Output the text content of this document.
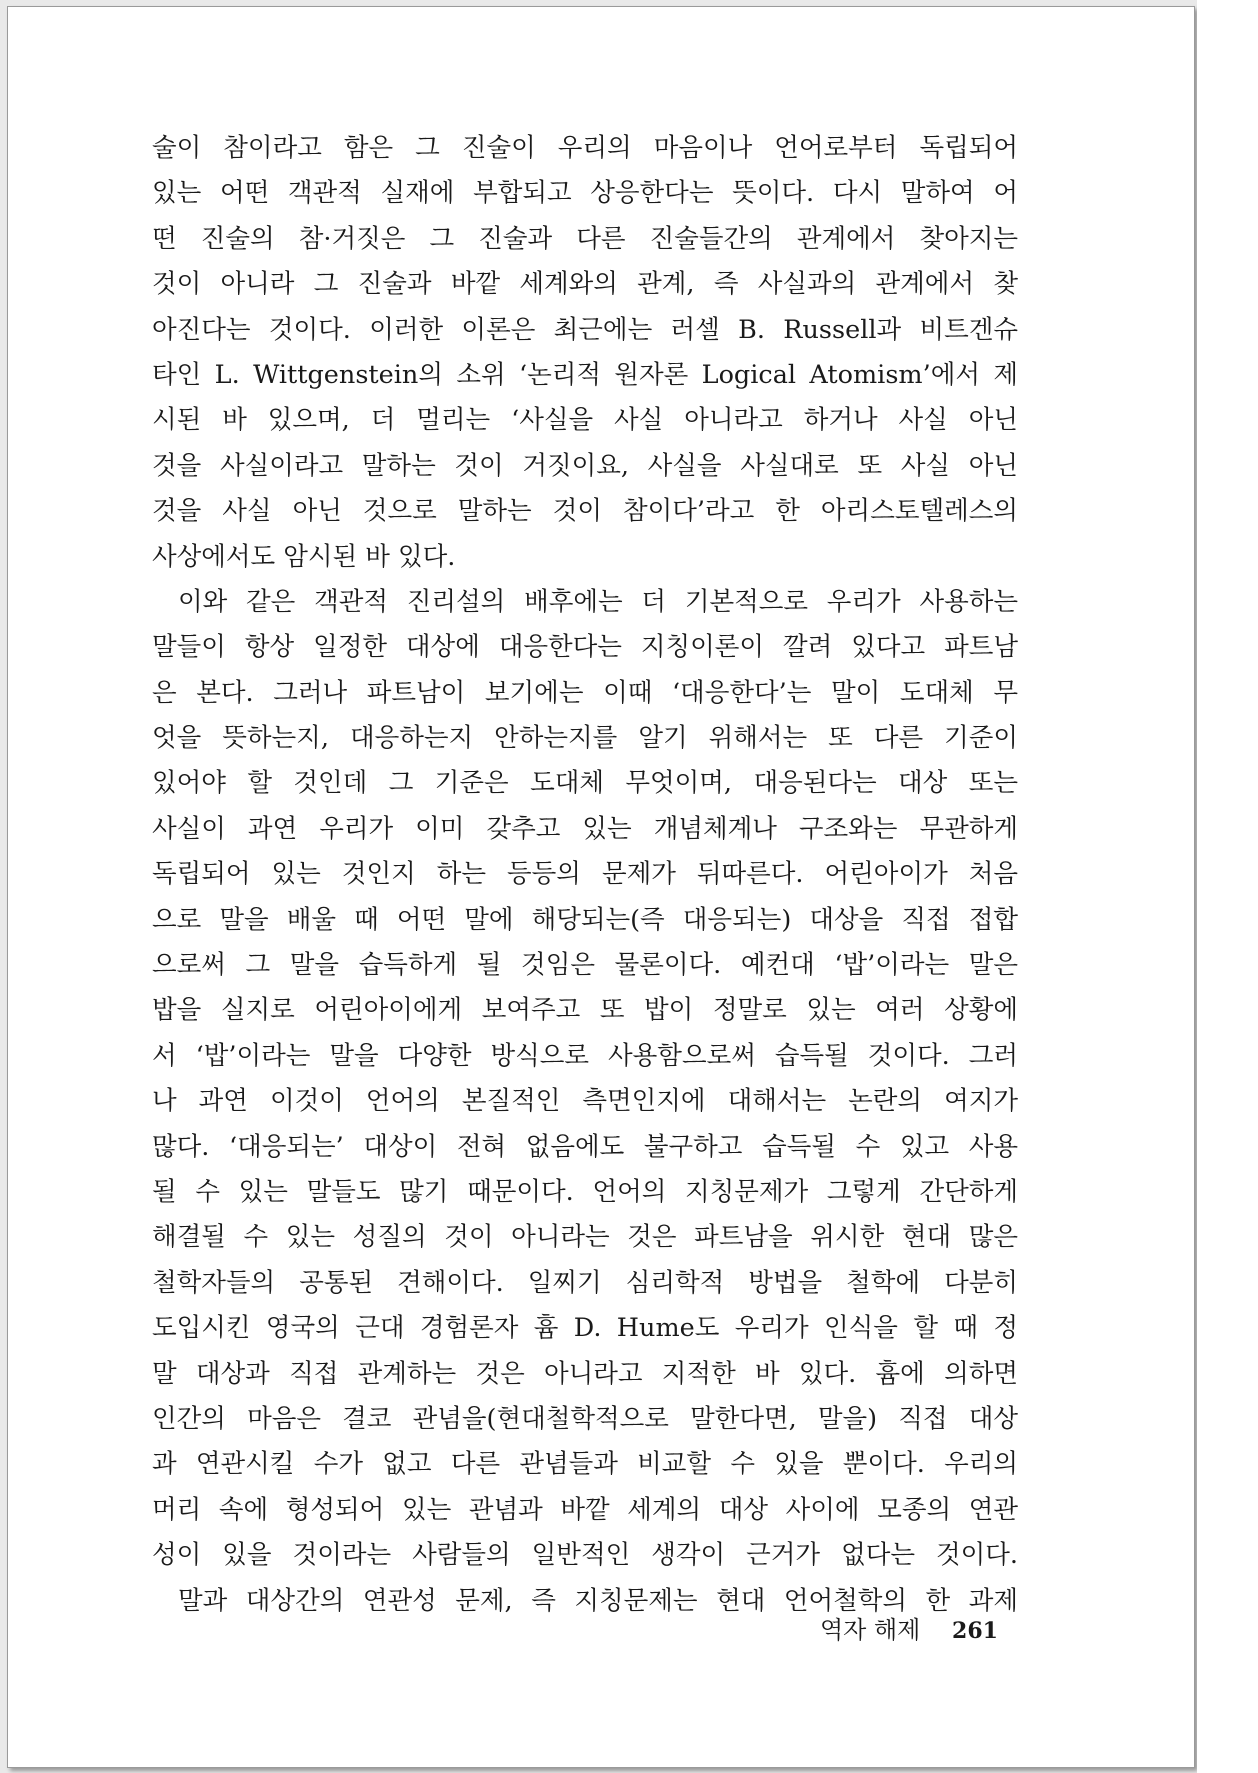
술이 참이라고 함은 그 진술이 우리의 마음이나 언어로부터 독립되어
있는 어떤 객관적 실재에 부합되고 상응한다는 뜻이다. 다시 말하여 어
떤 진술의 참·거짓은 그 진술과 다른 진술들간의 관계에서 찾아지는
것이 아니라 그 진술과 바깥 세계와의 관계, 즉 사실과의 관계에서 찾
아진다는 것이다. 이러한 이론은 최근에는 러셀 B. Russell과 비트겐슈
타인 L. Wittgenstein의 소위 ‘논리적 원자론 Logical Atomism’에서 제
시된 바 있으며, 더 멀리는 ‘사실을 사실 아니라고 하거나 사실 아닌
것을 사실이라고 말하는 것이 거짓이요, 사실을 사실대로 또 사실 아닌
것을 사실 아닌 것으로 말하는 것이 참이다’라고 한 아리스토텔레스의
사상에서도 암시된 바 있다.
이와 같은 객관적 진리설의 배후에는 더 기본적으로 우리가 사용하는
말들이 항상 일정한 대상에 대응한다는 지칭이론이 깔려 있다고 파트남
은 본다. 그러나 파트남이 보기에는 이때 ‘대응한다’는 말이 도대체 무
엇을 뜻하는지, 대응하는지 안하는지를 알기 위해서는 또 다른 기준이
있어야 할 것인데 그 기준은 도대체 무엇이며, 대응된다는 대상 또는
사실이 과연 우리가 이미 갖추고 있는 개념체계나 구조와는 무관하게
독립되어 있는 것인지 하는 등등의 문제가 뒤따른다. 어린아이가 처음
으로 말을 배울 때 어떤 말에 해당되는(즉 대응되는) 대상을 직접 접합
으로써 그 말을 습득하게 될 것임은 물론이다. 예컨대 ‘밥’이라는 말은
밥을 실지로 어린아이에게 보여주고 또 밥이 정말로 있는 여러 상황에
서 ‘밥’이라는 말을 다양한 방식으로 사용함으로써 습득될 것이다. 그러
나 과연 이것이 언어의 본질적인 측면인지에 대해서는 논란의 여지가
많다. ‘대응되는’ 대상이 전혀 없음에도 불구하고 습득될 수 있고 사용
될 수 있는 말들도 많기 때문이다. 언어의 지칭문제가 그렇게 간단하게
해결될 수 있는 성질의 것이 아니라는 것은 파트남을 위시한 현대 많은
철학자들의 공통된 견해이다. 일찌기 심리학적 방법을 철학에 다분히
도입시킨 영국의 근대 경험론자 흄 D. Hume도 우리가 인식을 할 때 정
말 대상과 직접 관계하는 것은 아니라고 지적한 바 있다. 흄에 의하면
인간의 마음은 결코 관념을(현대철학적으로 말한다면, 말을) 직접 대상
과 연관시킬 수가 없고 다른 관념들과 비교할 수 있을 뿐이다. 우리의
머리 속에 형성되어 있는 관념과 바깥 세계의 대상 사이에 모종의 연관
성이 있을 것이라는 사람들의 일반적인 생각이 근거가 없다는 것이다.
말과 대상간의 연관성 문제, 즉 지칭문제는 현대 언어철학의 한 과제
역자 해제 261
